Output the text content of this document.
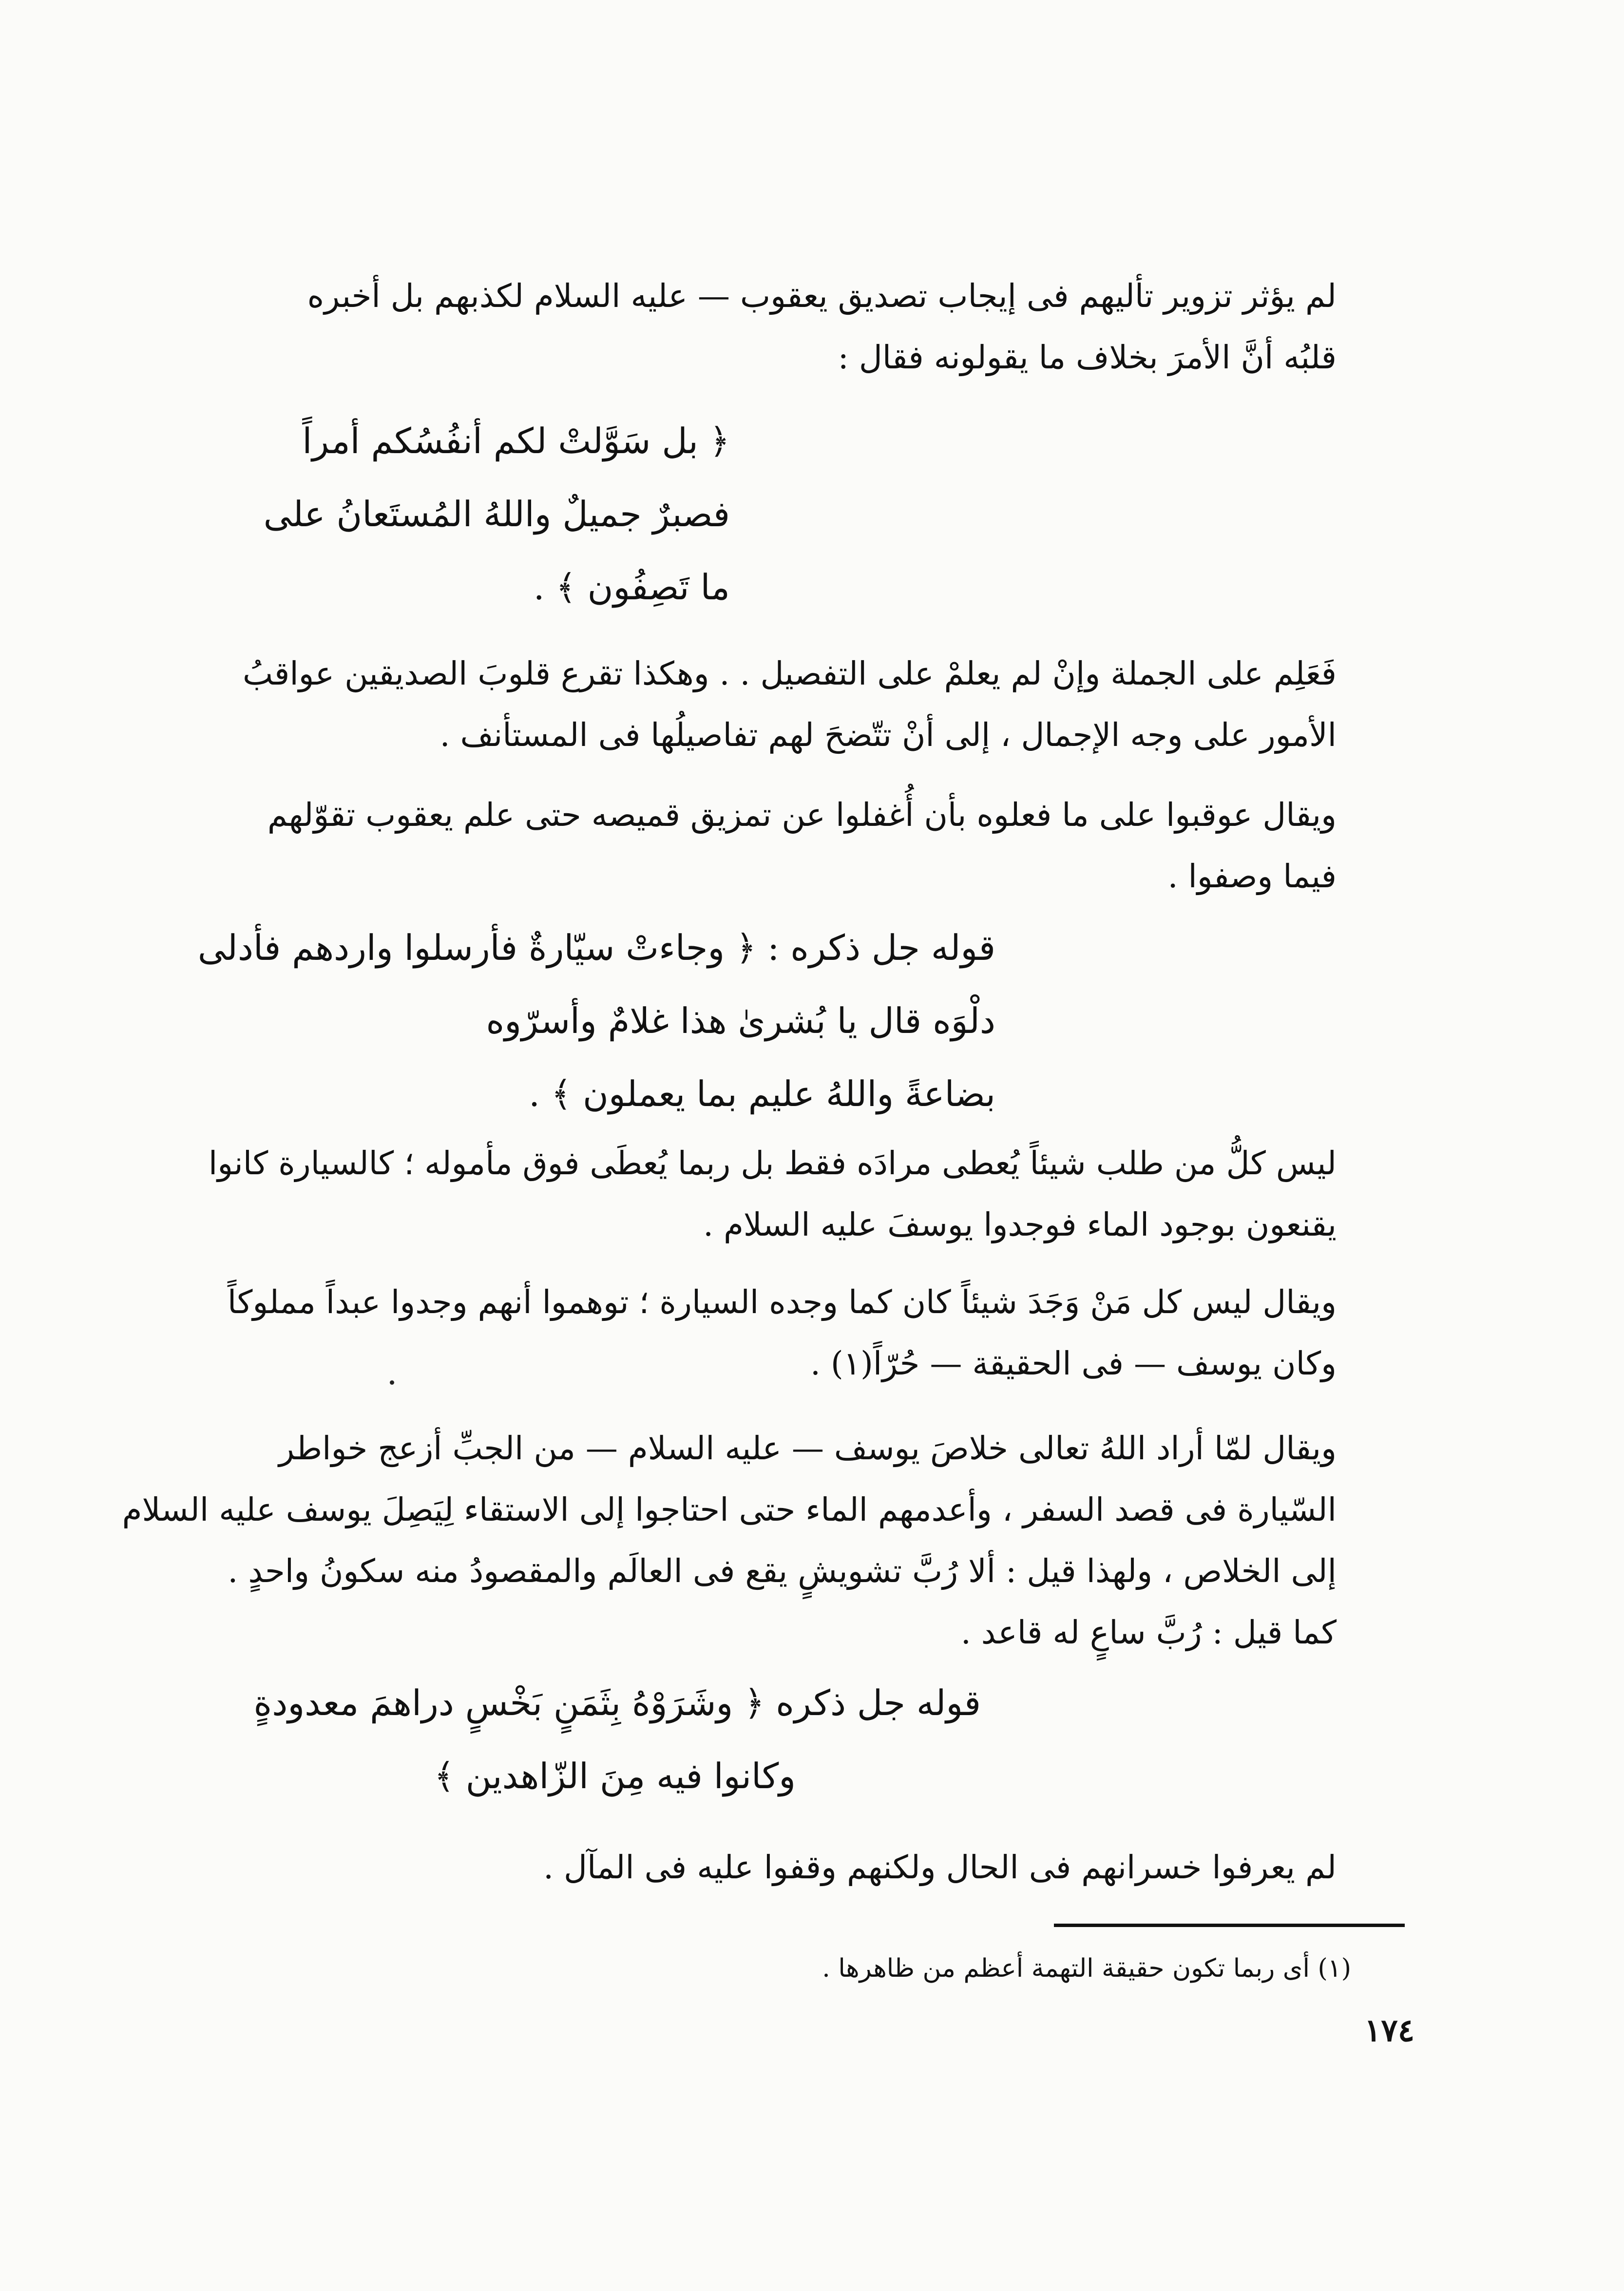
لم يؤثر تزوير تأليهم فى إيجاب تصديق يعقوب — عليه السلام لكذبهم بل أخبره
قلبُه أنَّ الأمرَ بخلاف ما يقولونه فقال :
﴿ بل سَوَّلتْ لكم أنفُسُكم أمراً
فصبرٌ جميلٌ واللهُ المُستَعانُ على
ما تَصِفُون ﴾ .
فَعَلِم على الجملة وإنْ لم يعلمْ على التفصيل . . وهكذا تقرع قلوبَ الصديقين عواقبُ
الأمور على وجه الإجمال ، إلى أنْ تتّضحَ لهم تفاصيلُها فى المستأنف .
ويقال عوقبوا على ما فعلوه بأن أُغفلوا عن تمزيق قميصه حتى علم يعقوب تقوّلهم
فيما وصفوا .
قوله جل ذكره : ﴿ وجاءتْ سيّارةٌ فأرسلوا واردهم فأدلى
دلْوَه قال يا بُشرىٰ هذا غلامٌ وأسرّوه
بضاعةً واللهُ عليم بما يعملون ﴾ .
ليس كلُّ من طلب شيئاً يُعطى مرادَه فقط بل ربما يُعطَى فوق مأموله ؛ كالسيارة كانوا
يقنعون بوجود الماء فوجدوا يوسفَ عليه السلام .
ويقال ليس كل مَنْ وَجَدَ شيئاً كان كما وجده السيارة ؛ توهموا أنهم وجدوا عبداً مملوكاً
وكان يوسف — فى الحقيقة — حُرّاً(١) .
ويقال لمّا أراد اللهُ تعالى خلاصَ يوسف — عليه السلام — من الجبِّ أزعج خواطر
السّيارة فى قصد السفر ، وأعدمهم الماء حتى احتاجوا إلى الاستقاء لِيَصِلَ يوسف عليه السلام
إلى الخلاص ، ولهذا قيل : ألا رُبَّ تشويشٍ يقع فى العالَم والمقصودُ منه سكونُ واحدٍ .
كما قيل : رُبَّ ساعٍ له قاعد .
قوله جل ذكره ﴿ وشَرَوْهُ بِثَمَنٍ بَخْسٍ دراهمَ معدودةٍ
وكانوا فيه مِنَ الزّاهدين ﴾
لم يعرفوا خسرانهم فى الحال ولكنهم وقفوا عليه فى المآل .
(١) أى ربما تكون حقيقة التهمة أعظم من ظاهرها .
١٧٤
